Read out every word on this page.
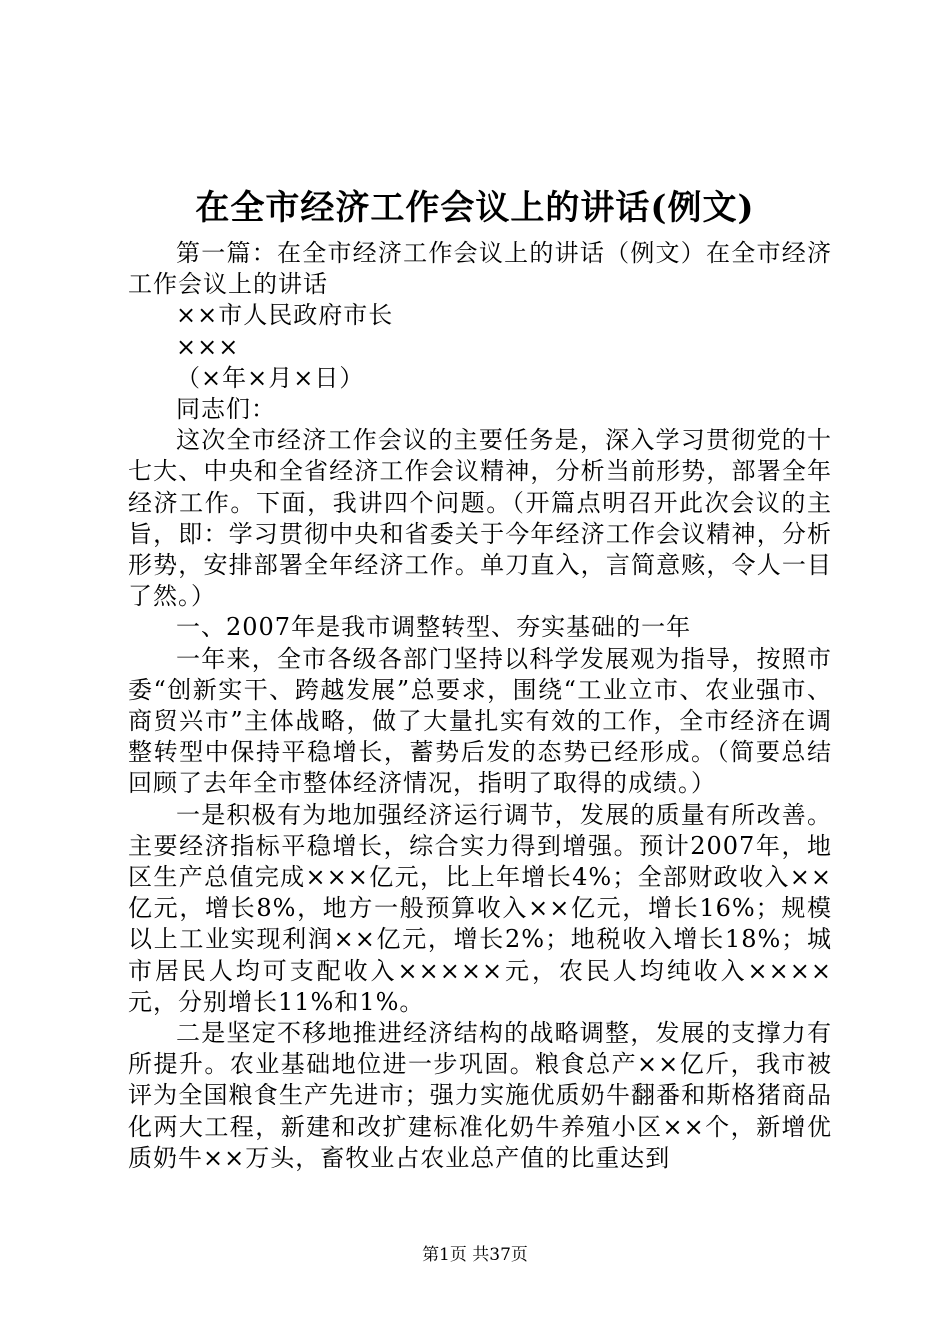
在全市经济工作会议上的讲话(例文)

第一篇：在全市经济工作会议上的讲话（例文）在全市经济工作会议上的讲话

××市人民政府市长

×××

（×年×月×日）

同志们：

这次全市经济工作会议的主要任务是，深入学习贯彻党的十七大、中央和全省经济工作会议精神，分析当前形势，部署全年经济工作。下面，我讲四个问题。（开篇点明召开此次会议的主旨，即：学习贯彻中央和省委关于今年经济工作会议精神，分析形势，安排部署全年经济工作。单刀直入，言简意赅，令人一目了然。）

一、2007年是我市调整转型、夯实基础的一年

一年来，全市各级各部门坚持以科学发展观为指导，按照市委“创新实干、跨越发展”总要求，围绕“工业立市、农业强市、商贸兴市”主体战略，做了大量扎实有效的工作，全市经济在调整转型中保持平稳增长，蓄势后发的态势已经形成。（简要总结回顾了去年全市整体经济情况，指明了取得的成绩。）

一是积极有为地加强经济运行调节，发展的质量有所改善。主要经济指标平稳增长，综合实力得到增强。预计2007年，地区生产总值完成×××亿元，比上年增长4%；全部财政收入××亿元，增长8%，地方一般预算收入××亿元，增长16%；规模以上工业实现利润××亿元，增长2%；地税收入增长18%；城市居民人均可支配收入×××××元，农民人均纯收入××××元，分别增长11%和1%。

二是坚定不移地推进经济结构的战略调整，发展的支撑力有所提升。农业基础地位进一步巩固。粮食总产××亿斤，我市被评为全国粮食生产先进市；强力实施优质奶牛翻番和斯格猪商品化两大工程，新建和改扩建标准化奶牛养殖小区××个，新增优质奶牛××万头，畜牧业占农业总产值的比重达到

第1页 共37页
